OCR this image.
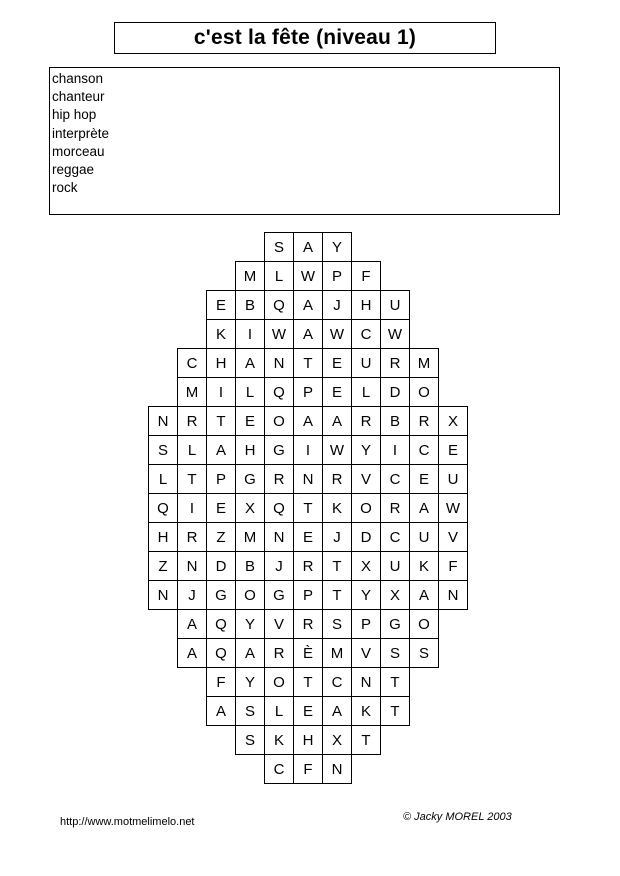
c'est la fête (niveau 1)
chanson
chanteur
hip hop
interprète
morceau
reggae
rock
S	A	Y
M	L	W	P	F
E	B	Q	A	J	H	U
K	I	W	A	W	C	W
C	H	A	N	T	E	U	R	M
M	I	L	Q	P	E	L	D	O
N	R	T	E	O	A	A	R	B	R	X
S	L	A	H	G	I	W	Y	I	C	E
L	T	P	G	R	N	R	V	C	E	U
Q	I	E	X	Q	T	K	O	R	A	W
H	R	Z	M	N	E	J	D	C	U	V
Z	N	D	B	J	R	T	X	U	K	F
N	J	G	O	G	P	T	Y	X	A	N
A	Q	Y	V	R	S	P	G	O
A	Q	A	R	È	M	V	S	S
F	Y	O	T	C	N	T
A	S	L	E	A	K	T
S	K	H	X	T
C	F	N
http://www.motmelimelo.net	© Jacky MOREL 2003
